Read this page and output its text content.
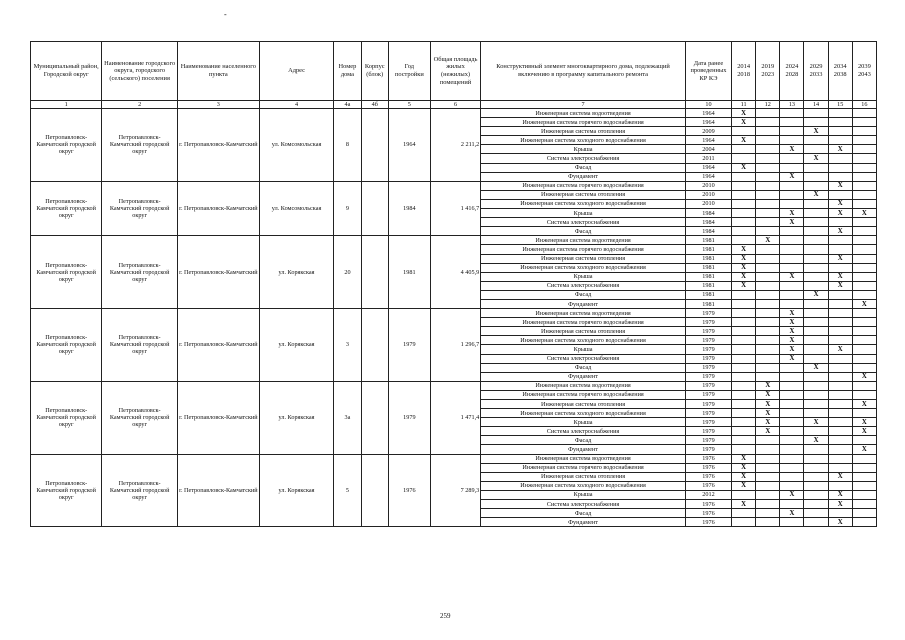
-
Муниципальный район, Городской округ	Наименование городского округа, городского (сельского) поселения	Наименование населенного пункта	Адрес	Номер дома	Корпус (блок)	Год постройки	Общая площадь жилых (нежилых) помещений	Конструктивный элемент многоквартирного дома, подлежащий включению в программу капитального ремонта	Дата ранее проведенных КР КЭ	2014 2018	2019 2023	2024 2028	2029 2033	2034 2038	2039 2043
1	2	3	4	4а	4б	5	6	7	10	11	12	13	14	15	16
Петропавловск-Камчатский городской округ	Петропавловск-Камчатский городской округ	г. Петропавловск-Камчатский	ул. Комсомольская	8		1964	2 211,2	Инженерная система водоотведения	1964	X					
								Инженерная система горячего водоснабжения	1964	X					
								Инженерная система отопления	2009				X		
								Инженерная система холодного водоснабжения	1964	X					
								Крыша	2004			X		X	
								Система электроснабжения	2011				X		
								Фасад	1964	X					
								Фундамент	1964			X			
Петропавловск-Камчатский городской округ	Петропавловск-Камчатский городской округ	г. Петропавловск-Камчатский	ул. Комсомольская	9		1984	1 416,7	Инженерная система горячего водоснабжения	2010					X	
								Инженерная система отопления	2010				X		
								Инженерная система холодного водоснабжения	2010					X	
								Крыша	1984			X		X	X
								Система электроснабжения	1984			X			
								Фасад	1984					X	
Петропавловск-Камчатский городской округ	Петропавловск-Камчатский городской округ	г. Петропавловск-Камчатский	ул. Корякская	20		1981	4 405,9	Инженерная система водоотведения	1981		X				
								Инженерная система горячего водоснабжения	1981	X					
								Инженерная система отопления	1981	X				X	
								Инженерная система холодного водоснабжения	1981	X					
								Крыша	1981	X		X		X	
								Система электроснабжения	1981	X				X	
								Фасад	1981				X		
								Фундамент	1981						X
Петропавловск-Камчатский городской округ	Петропавловск-Камчатский городской округ	г. Петропавловск-Камчатский	ул. Корякская	3		1979	1 296,7	Инженерная система водоотведения	1979			X			
								Инженерная система горячего водоснабжения	1979			X			
								Инженерная система отопления	1979			X			
								Инженерная система холодного водоснабжения	1979			X			
								Крыша	1979			X		X	
								Система электроснабжения	1979			X			
								Фасад	1979				X		
								Фундамент	1979						X
Петропавловск-Камчатский городской округ	Петропавловск-Камчатский городской округ	г. Петропавловск-Камчатский	ул. Корякская	3а		1979	1 471,4	Инженерная система водоотведения	1979		X				
								Инженерная система горячего водоснабжения	1979		X				
								Инженерная система отопления	1979		X				X
								Инженерная система холодного водоснабжения	1979		X				
								Крыша	1979		X		X		X
								Система электроснабжения	1979		X				X
								Фасад	1979				X		
								Фундамент	1979						X
Петропавловск-Камчатский городской округ	Петропавловск-Камчатский городской округ	г. Петропавловск-Камчатский	ул. Корякская	5		1976	7 289,3	Инженерная система водоотведения	1976	X					
								Инженерная система горячего водоснабжения	1976	X					
								Инженерная система отопления	1976	X				X	
								Инженерная система холодного водоснабжения	1976	X					
								Крыша	2012			X		X	
								Система электроснабжения	1976	X				X	
								Фасад	1976			X			
								Фундамент	1976					X	
259
